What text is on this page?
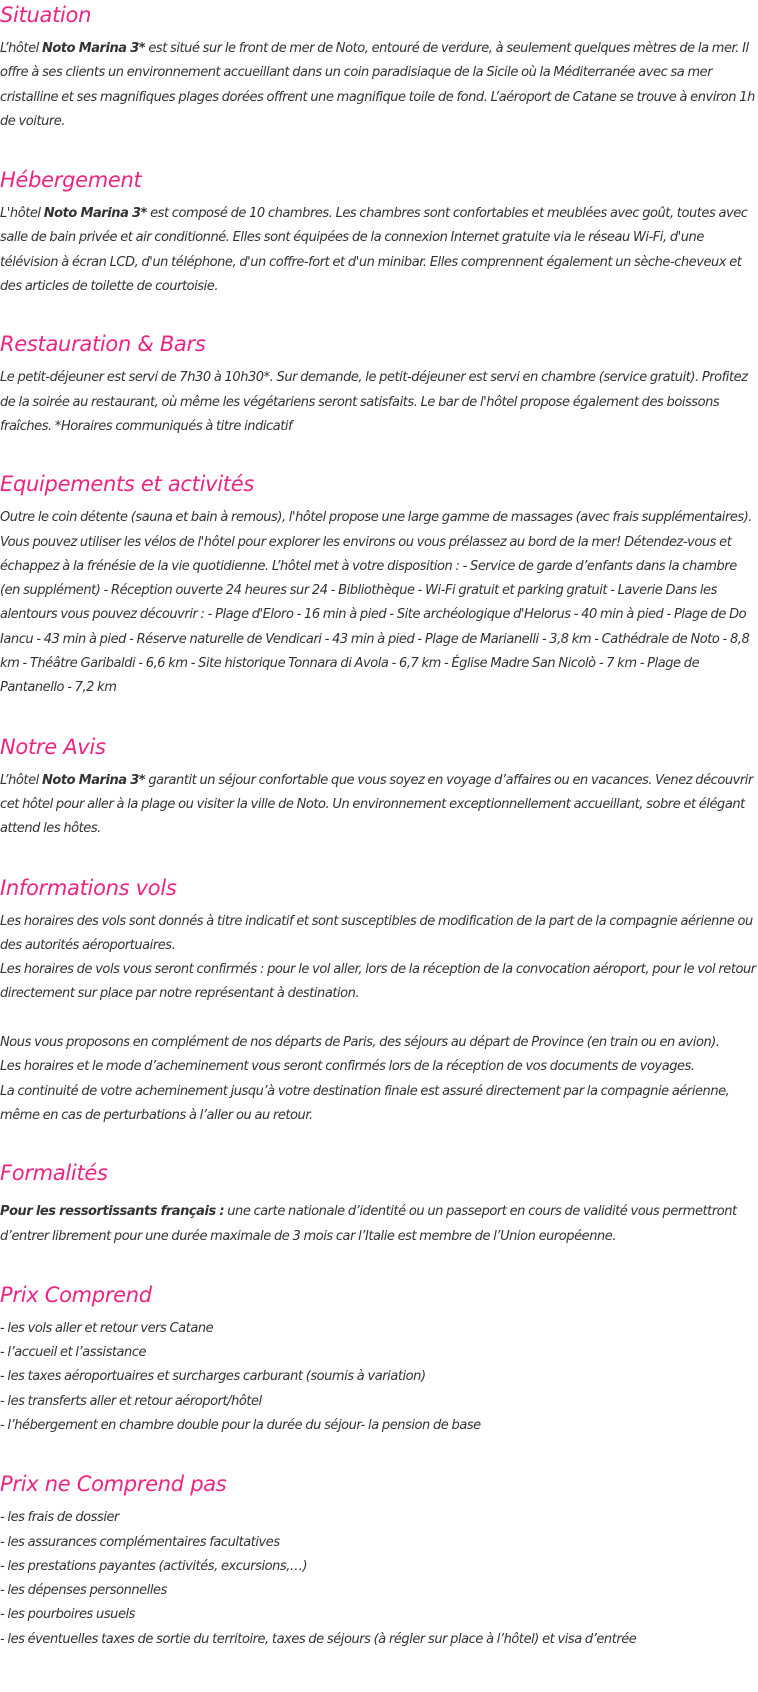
Situation

L’hôtel Noto Marina 3* est situé sur le front de mer de Noto, entouré de verdure, à seulement quelques mètres de la mer. Il offre à ses clients un environnement accueillant dans un coin paradisiaque de la Sicile où la Méditerranée avec sa mer cristalline et ses magnifiques plages dorées offrent une magnifique toile de fond. L’aéroport de Catane se trouve à environ 1h de voiture.

Hébergement

L'hôtel Noto Marina 3* est composé de 10 chambres. Les chambres sont confortables et meublées avec goût, toutes avec salle de bain privée et air conditionné. Elles sont équipées de la connexion Internet gratuite via le réseau Wi-Fi, d'une télévision à écran LCD, d'un téléphone, d'un coffre-fort et d'un minibar. Elles comprennent également un sèche-cheveux et des articles de toilette de courtoisie.

Restauration & Bars

Le petit-déjeuner est servi de 7h30 à 10h30*. Sur demande, le petit-déjeuner est servi en chambre (service gratuit). Profitez de la soirée au restaurant, où même les végétariens seront satisfaits. Le bar de l'hôtel propose également des boissons fraîches. *Horaires communiqués à titre indicatif

Equipements et activités

Outre le coin détente (sauna et bain à remous), l'hôtel propose une large gamme de massages (avec frais supplémentaires). Vous pouvez utiliser les vélos de l'hôtel pour explorer les environs ou vous prélassez au bord de la mer! Détendez-vous et échappez à la frénésie de la vie quotidienne. L’hôtel met à votre disposition : - Service de garde d’enfants dans la chambre (en supplément) - Réception ouverte 24 heures sur 24 - Bibliothèque - Wi-Fi gratuit et parking gratuit - Laverie Dans les alentours vous pouvez découvrir : - Plage d'Eloro - 16 min à pied - Site archéologique d'Helorus - 40 min à pied - Plage de Do Iancu - 43 min à pied - Réserve naturelle de Vendicari - 43 min à pied - Plage de Marianelli - 3,8 km - Cathédrale de Noto - 8,8 km - Théâtre Garibaldi - 6,6 km - Site historique Tonnara di Avola - 6,7 km - Église Madre San Nicolò - 7 km - Plage de Pantanello - 7,2 km

Notre Avis

L’hôtel Noto Marina 3* garantit un séjour confortable que vous soyez en voyage d’affaires ou en vacances. Venez découvrir cet hôtel pour aller à la plage ou visiter la ville de Noto. Un environnement exceptionnellement accueillant, sobre et élégant attend les hôtes.

Informations vols

Les horaires des vols sont donnés à titre indicatif et sont susceptibles de modification de la part de la compagnie aérienne ou des autorités aéroportuaires.
Les horaires de vols vous seront confirmés : pour le vol aller, lors de la réception de la convocation aéroport, pour le vol retour directement sur place par notre représentant à destination.

Nous vous proposons en complément de nos départs de Paris, des séjours au départ de Province (en train ou en avion).
Les horaires et le mode d’acheminement vous seront confirmés lors de la réception de vos documents de voyages.
La continuité de votre acheminement jusqu’à votre destination finale est assuré directement par la compagnie aérienne, même en cas de perturbations à l’aller ou au retour.

Formalités

Pour les ressortissants français : une carte nationale d’identité ou un passeport en cours de validité vous permettront d’entrer librement pour une durée maximale de 3 mois car l’Italie est membre de l’Union européenne.

Prix Comprend
- les vols aller et retour vers Catane
- l’accueil et l’assistance
- les taxes aéroportuaires et surcharges carburant (soumis à variation)
- les transferts aller et retour aéroport/hôtel
- l’hébergement en chambre double pour la durée du séjour- la pension de base
Prix ne Comprend pas
- les frais de dossier
- les assurances complémentaires facultatives
- les prestations payantes (activités, excursions,…)
- les dépenses personnelles
- les pourboires usuels
- les éventuelles taxes de sortie du territoire, taxes de séjours (à régler sur place à l’hôtel) et visa d’entrée
